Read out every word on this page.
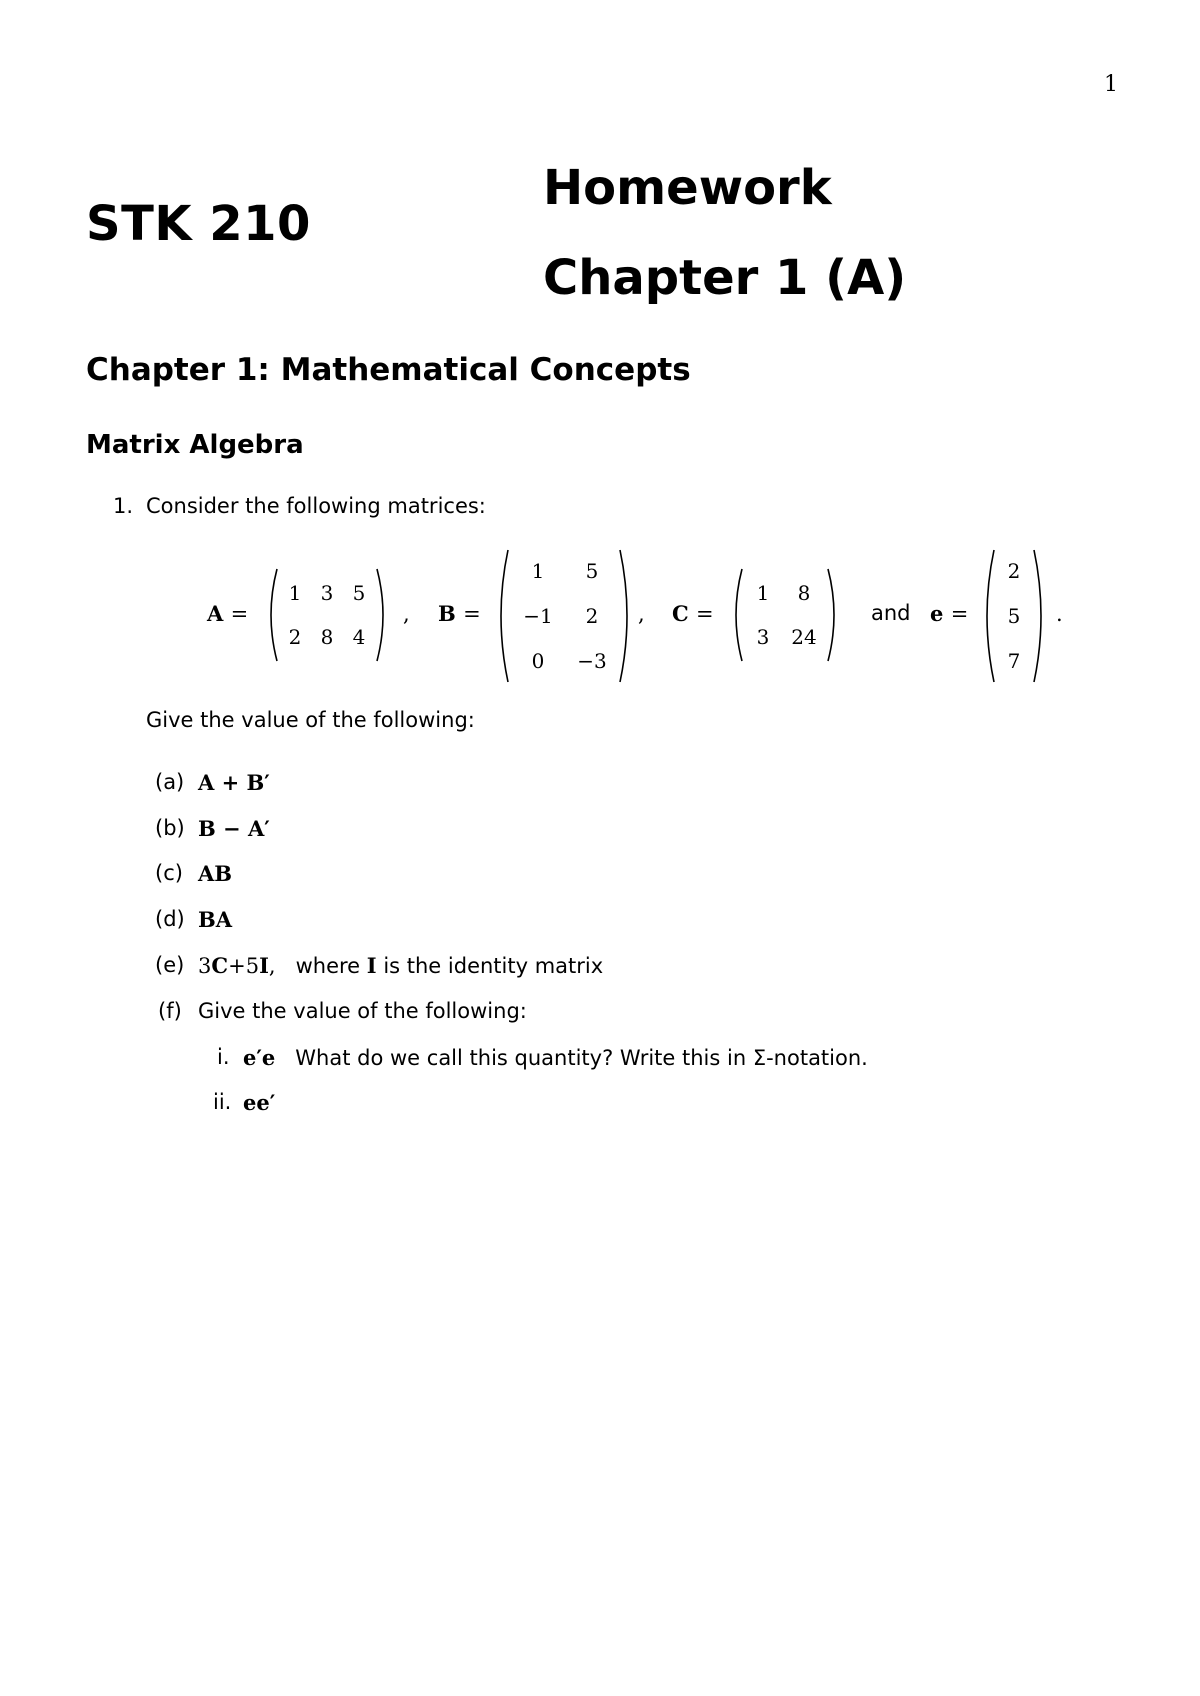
1
STK 210
Homework
Chapter 1 (A)
Chapter 1: Mathematical Concepts
Matrix Algebra
1. Consider the following matrices:
A =
1 3 5
2 8 4
, B =
1 5
−1 2
0 −3
, C =
1 8
3 24
and e =
2
5
7
.
Give the value of the following:
(a) A + B′
(b) B − A′
(c) AB
(d) BA
(e) 3C+5I, where I is the identity matrix
(f) Give the value of the following:
i. e′e What do we call this quantity? Write this in Σ-notation.
ii. ee′
